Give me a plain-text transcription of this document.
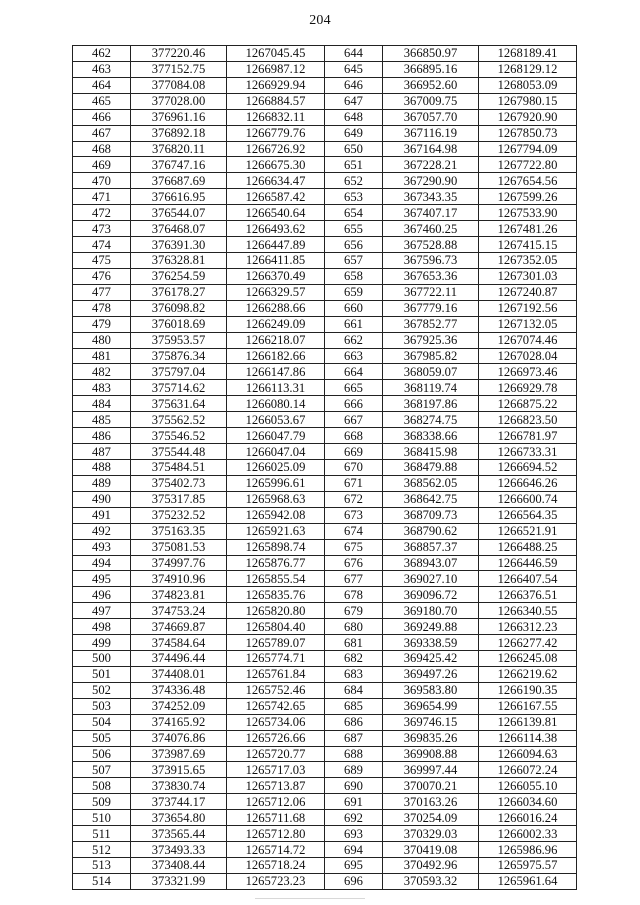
204
462	377220.46	1267045.45	644	366850.97	1268189.41
463	377152.75	1266987.12	645	366895.16	1268129.12
464	377084.08	1266929.94	646	366952.60	1268053.09
465	377028.00	1266884.57	647	367009.75	1267980.15
466	376961.16	1266832.11	648	367057.70	1267920.90
467	376892.18	1266779.76	649	367116.19	1267850.73
468	376820.11	1266726.92	650	367164.98	1267794.09
469	376747.16	1266675.30	651	367228.21	1267722.80
470	376687.69	1266634.47	652	367290.90	1267654.56
471	376616.95	1266587.42	653	367343.35	1267599.26
472	376544.07	1266540.64	654	367407.17	1267533.90
473	376468.07	1266493.62	655	367460.25	1267481.26
474	376391.30	1266447.89	656	367528.88	1267415.15
475	376328.81	1266411.85	657	367596.73	1267352.05
476	376254.59	1266370.49	658	367653.36	1267301.03
477	376178.27	1266329.57	659	367722.11	1267240.87
478	376098.82	1266288.66	660	367779.16	1267192.56
479	376018.69	1266249.09	661	367852.77	1267132.05
480	375953.57	1266218.07	662	367925.36	1267074.46
481	375876.34	1266182.66	663	367985.82	1267028.04
482	375797.04	1266147.86	664	368059.07	1266973.46
483	375714.62	1266113.31	665	368119.74	1266929.78
484	375631.64	1266080.14	666	368197.86	1266875.22
485	375562.52	1266053.67	667	368274.75	1266823.50
486	375546.52	1266047.79	668	368338.66	1266781.97
487	375544.48	1266047.04	669	368415.98	1266733.31
488	375484.51	1266025.09	670	368479.88	1266694.52
489	375402.73	1265996.61	671	368562.05	1266646.26
490	375317.85	1265968.63	672	368642.75	1266600.74
491	375232.52	1265942.08	673	368709.73	1266564.35
492	375163.35	1265921.63	674	368790.62	1266521.91
493	375081.53	1265898.74	675	368857.37	1266488.25
494	374997.76	1265876.77	676	368943.07	1266446.59
495	374910.96	1265855.54	677	369027.10	1266407.54
496	374823.81	1265835.76	678	369096.72	1266376.51
497	374753.24	1265820.80	679	369180.70	1266340.55
498	374669.87	1265804.40	680	369249.88	1266312.23
499	374584.64	1265789.07	681	369338.59	1266277.42
500	374496.44	1265774.71	682	369425.42	1266245.08
501	374408.01	1265761.84	683	369497.26	1266219.62
502	374336.48	1265752.46	684	369583.80	1266190.35
503	374252.09	1265742.65	685	369654.99	1266167.55
504	374165.92	1265734.06	686	369746.15	1266139.81
505	374076.86	1265726.66	687	369835.26	1266114.38
506	373987.69	1265720.77	688	369908.88	1266094.63
507	373915.65	1265717.03	689	369997.44	1266072.24
508	373830.74	1265713.87	690	370070.21	1266055.10
509	373744.17	1265712.06	691	370163.26	1266034.60
510	373654.80	1265711.68	692	370254.09	1266016.24
511	373565.44	1265712.80	693	370329.03	1266002.33
512	373493.33	1265714.72	694	370419.08	1265986.96
513	373408.44	1265718.24	695	370492.96	1265975.57
514	373321.99	1265723.23	696	370593.32	1265961.64
